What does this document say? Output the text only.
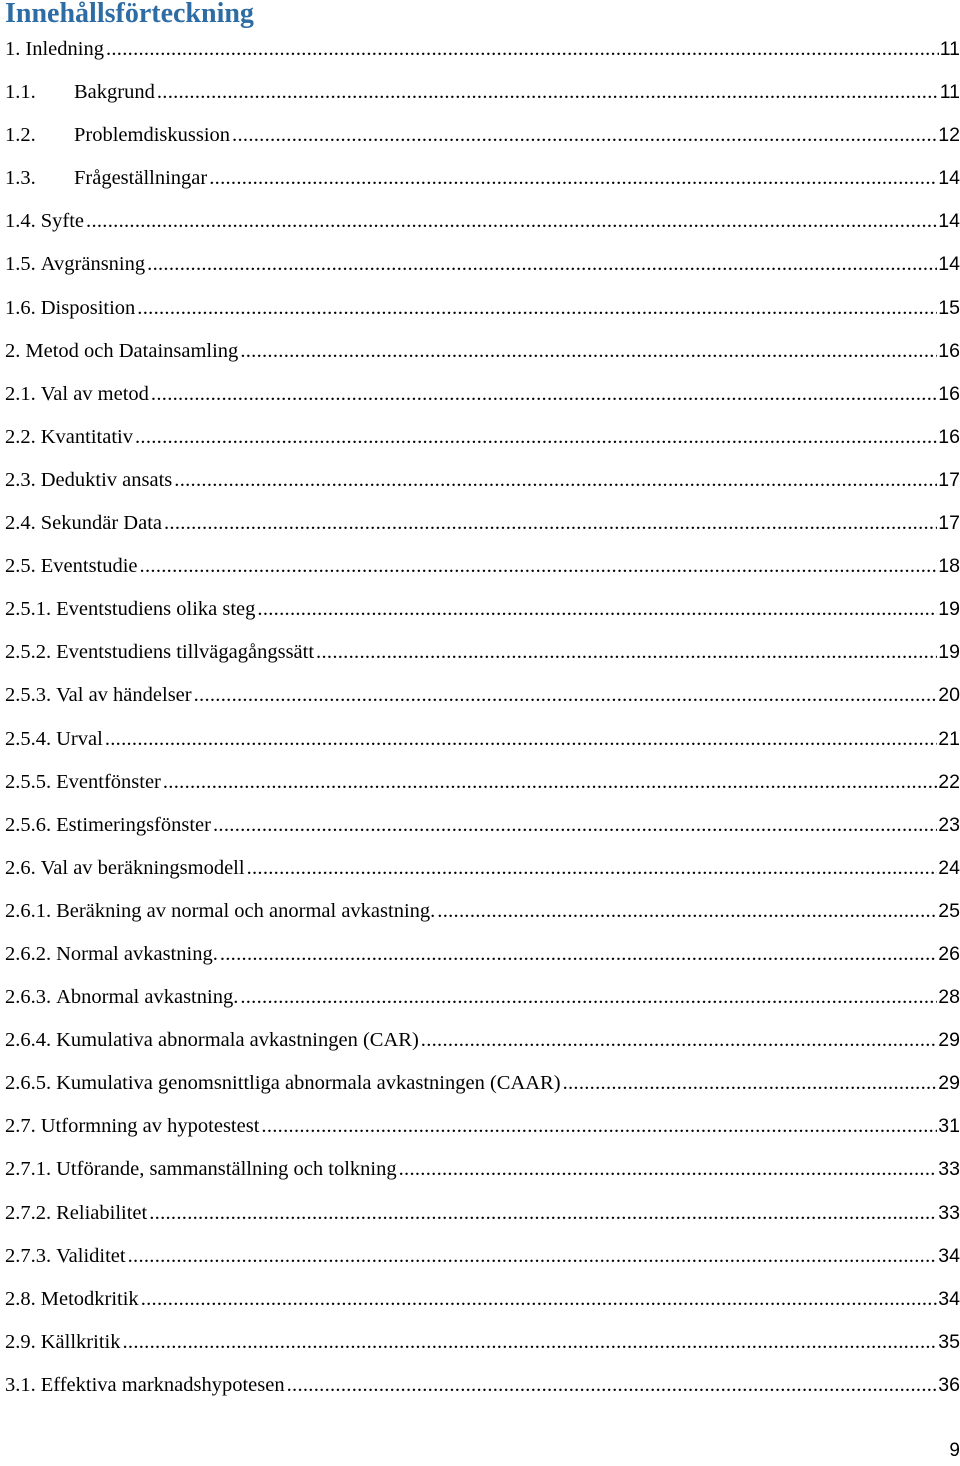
Innehållsförteckning
1. Inledning .....	11
1.1.	Bakgrund .....	11
1.2.	Problemdiskussion .....	12
1.3.	Frågeställningar .....	14
1.4. Syfte .....	14
1.5. Avgränsning .....	14
1.6. Disposition .....	15
2. Metod och Datainsamling .....	16
2.1. Val av metod .....	16
2.2. Kvantitativ .....	16
2.3. Deduktiv ansats .....	17
2.4. Sekundär Data .....	17
2.5. Eventstudie .....	18
2.5.1. Eventstudiens olika steg .....	19
2.5.2. Eventstudiens tillvägagångssätt .....	19
2.5.3. Val av händelser .....	20
2.5.4. Urval .....	21
2.5.5. Eventfönster .....	22
2.5.6. Estimeringsfönster .....	23
2.6. Val av beräkningsmodell .....	24
2.6.1. Beräkning av normal och anormal avkastning. .....	25
2.6.2. Normal avkastning. .....	26
2.6.3. Abnormal avkastning. .....	28
2.6.4. Kumulativa abnormala avkastningen (CAR) .....	29
2.6.5. Kumulativa genomsnittliga abnormala avkastningen (CAAR) .....	29
2.7. Utformning av hypotestest .....	31
2.7.1. Utförande, sammanställning och tolkning .....	33
2.7.2. Reliabilitet .....	33
2.7.3. Validitet .....	34
2.8. Metodkritik .....	34
2.9. Källkritik .....	35
3.1. Effektiva marknadshypotesen .....	36
9
